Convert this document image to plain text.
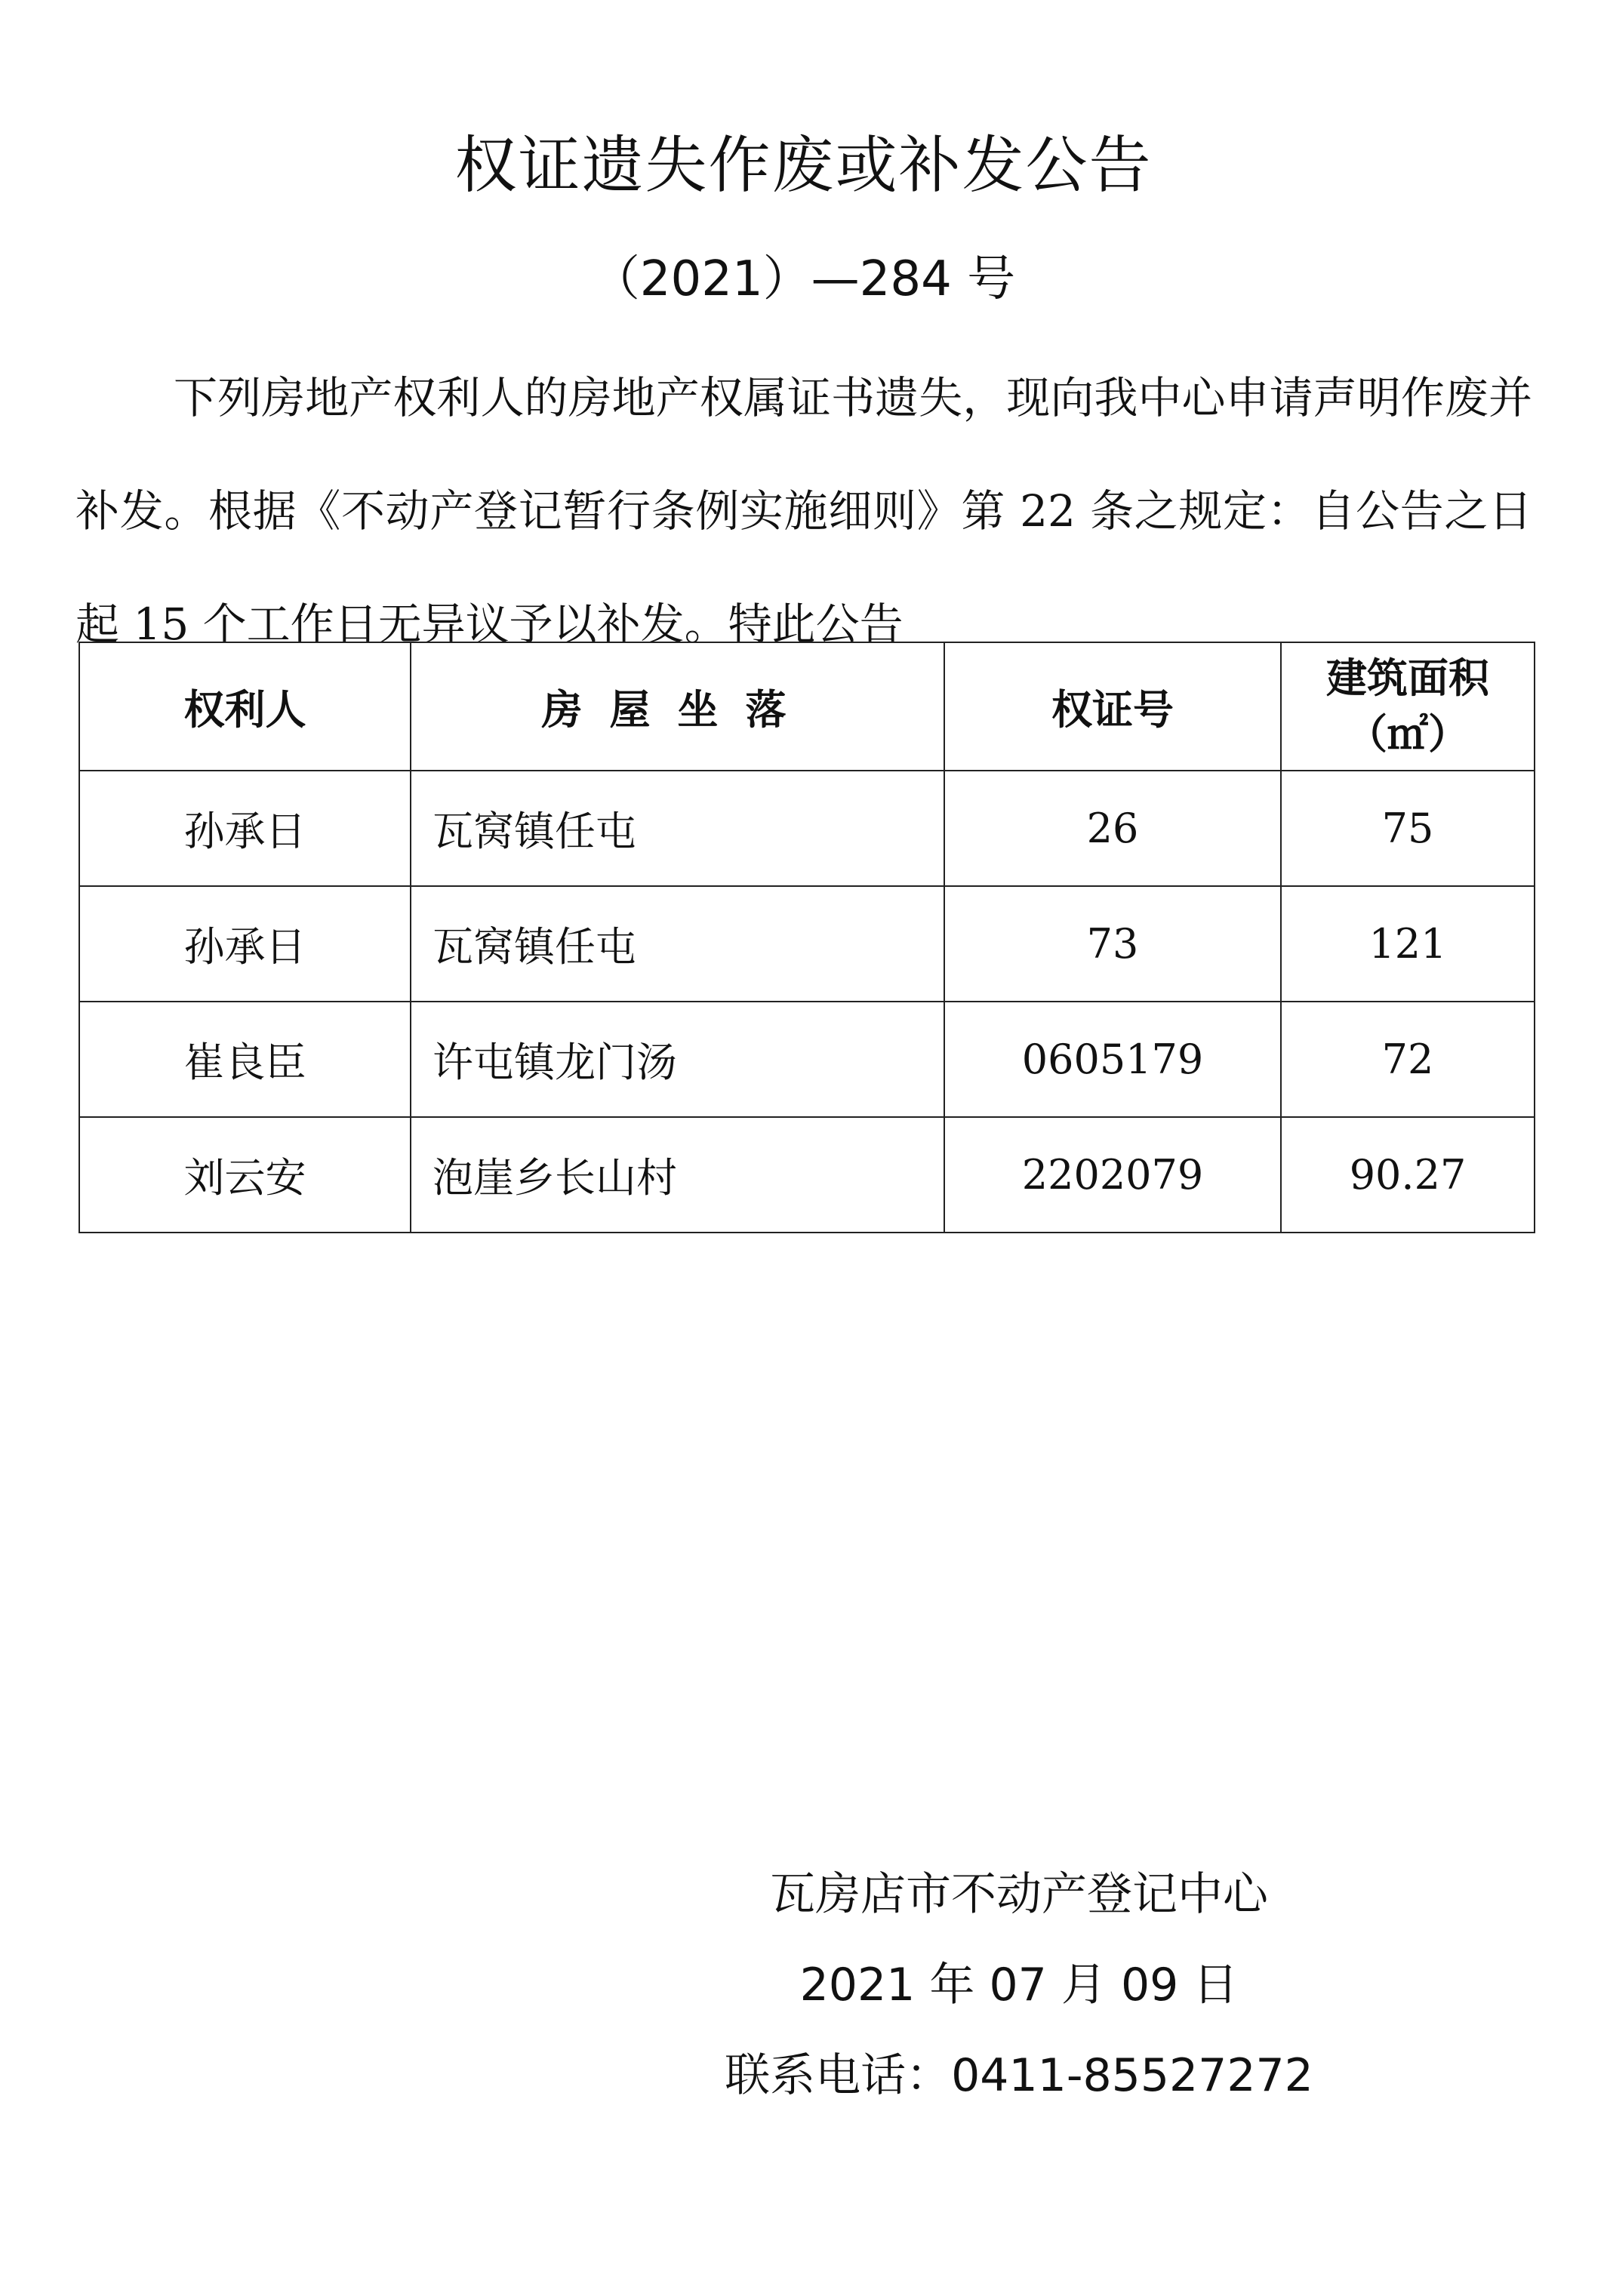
权证遗失作废或补发公告
（2021）—284 号
下列房地产权利人的房地产权属证书遗失，现向我中心申请声明作废并补发。根据《不动产登记暂行条例实施细则》第 22 条之规定：自公告之日起 15 个工作日无异议予以补发。特此公告
权利人	房屋坐落	权证号	建筑面积
（㎡）

孙承日	瓦窝镇任屯	26	75
孙承日	瓦窝镇任屯	73	121
崔良臣	许屯镇龙门汤	0605179	72
刘云安	泡崖乡长山村	2202079	90.27
瓦房店市不动产登记中心
2021 年 07 月 09 日
联系电话：0411-85527272
